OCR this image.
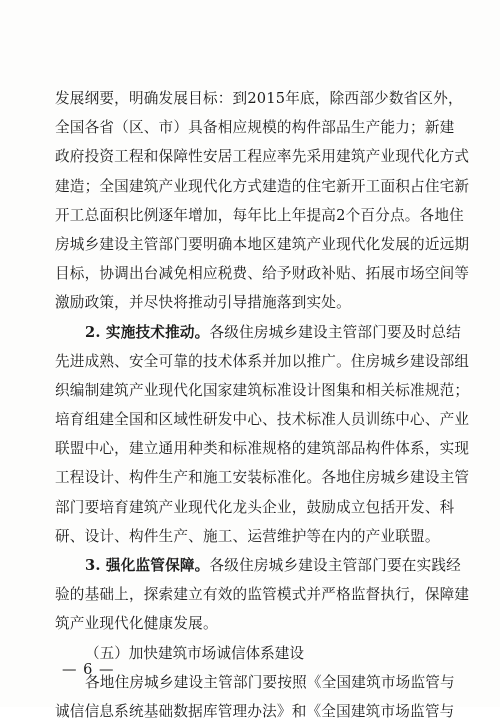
发展纲要，明确发展目标：到2015年底，除西部少数省区外，
全国各省（区、市）具备相应规模的构件部品生产能力；新建
政府投资工程和保障性安居工程应率先采用建筑产业现代化方式
建造；全国建筑产业现代化方式建造的住宅新开工面积占住宅新
开工总面积比例逐年增加，每年比上年提高2个百分点。各地住
房城乡建设主管部门要明确本地区建筑产业现代化发展的近远期
目标，协调出台减免相应税费、给予财政补贴、拓展市场空间等
激励政策，并尽快将推动引导措施落到实处。
2. 实施技术推动。各级住房城乡建设主管部门要及时总结
先进成熟、安全可靠的技术体系并加以推广。住房城乡建设部组
织编制建筑产业现代化国家建筑标准设计图集和相关标准规范；
培育组建全国和区域性研发中心、技术标准人员训练中心、产业
联盟中心，建立通用种类和标准规格的建筑部品构件体系，实现
工程设计、构件生产和施工安装标准化。各地住房城乡建设主管
部门要培育建筑产业现代化龙头企业，鼓励成立包括开发、科
研、设计、构件生产、施工、运营维护等在内的产业联盟。
3. 强化监管保障。各级住房城乡建设主管部门要在实践经
验的基础上，探索建立有效的监管模式并严格监督执行，保障建
筑产业现代化健康发展。
（五）加快建筑市场诚信体系建设
各地住房城乡建设主管部门要按照《全国建筑市场监管与
诚信信息系统基础数据库管理办法》和《全国建筑市场监管与
— 6 —
